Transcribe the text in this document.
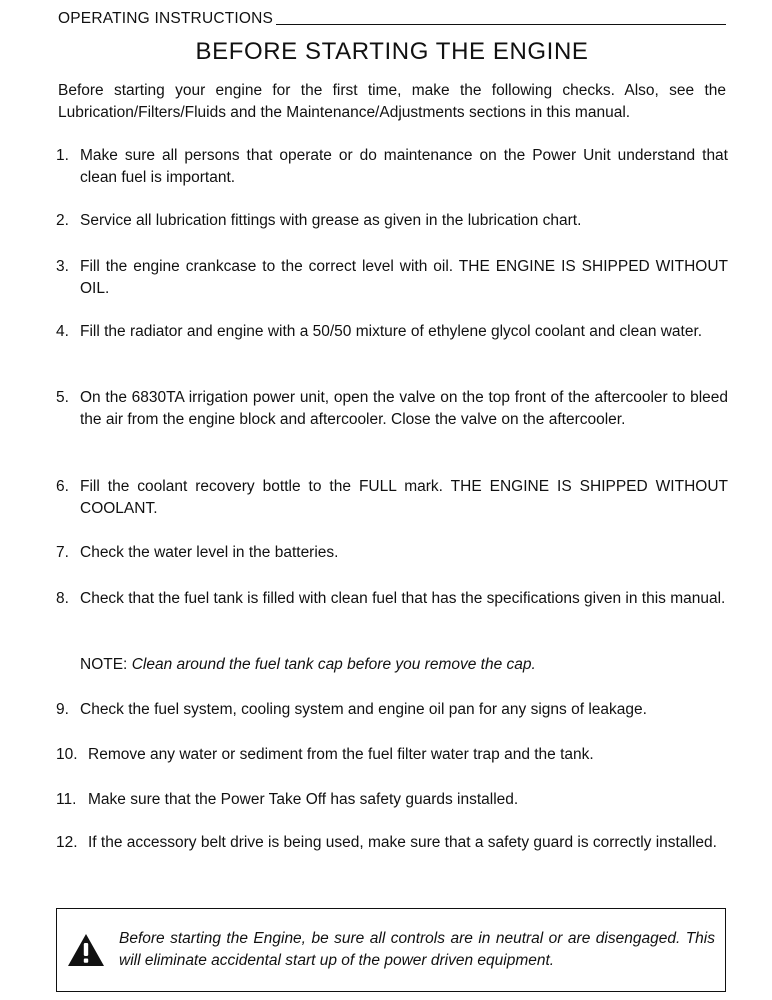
OPERATING INSTRUCTIONS
BEFORE STARTING THE ENGINE

Before starting your engine for the first time, make the following checks. Also, see the Lubrication/Filters/Fluids and the Maintenance/Adjustments sections in this manual.

1. Make sure all persons that operate or do maintenance on the Power Unit understand that clean fuel is important.
2. Service all lubrication fittings with grease as given in the lubrication chart.
3. Fill the engine crankcase to the correct level with oil. THE ENGINE IS SHIPPED WITHOUT OIL.
4. Fill the radiator and engine with a 50/50 mixture of ethylene glycol coolant and clean water.
5. On the 6830TA irrigation power unit, open the valve on the top front of the aftercooler to bleed the air from the engine block and aftercooler. Close the valve on the aftercooler.
6. Fill the coolant recovery bottle to the FULL mark. THE ENGINE IS SHIPPED WITHOUT COOLANT.
7. Check the water level in the batteries.
8. Check that the fuel tank is filled with clean fuel that has the specifications given in this manual.
NOTE: Clean around the fuel tank cap before you remove the cap.
9. Check the fuel system, cooling system and engine oil pan for any signs of leakage.
10. Remove any water or sediment from the fuel filter water trap and the tank.
11. Make sure that the Power Take Off has safety guards installed.
12. If the accessory belt drive is being used, make sure that a safety guard is correctly installed.
Before starting the Engine, be sure all controls are in neutral or are disengaged. This will eliminate accidental start up of the power driven equipment.
